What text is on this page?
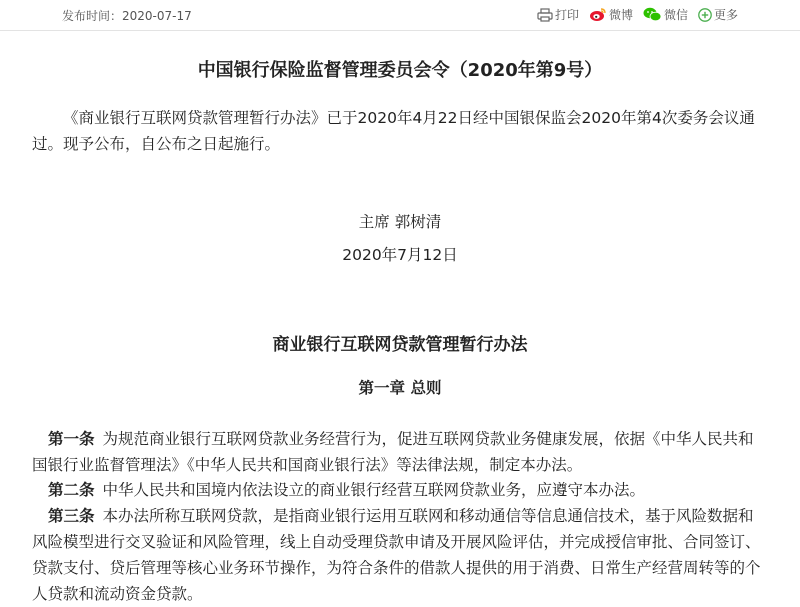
发布时间：2020-07-17	打印	微博	微信 更多
中国银行保险监督管理委员会令（2020年第9号）

《商业银行互联网贷款管理暂行办法》已于2020年4月22日经中国银保监会2020年第4次委务会议通过。现予公布，自公布之日起施行。

主席 郭树清

2020年7月12日

商业银行互联网贷款管理暂行办法
第一章 总则

第一条 为规范商业银行互联网贷款业务经营行为，促进互联网贷款业务健康发展，依据《中华人民共和国银行业监督管理法》《中华人民共和国商业银行法》等法律法规，制定本办法。

第二条 中华人民共和国境内依法设立的商业银行经营互联网贷款业务，应遵守本办法。

第三条 本办法所称互联网贷款，是指商业银行运用互联网和移动通信等信息通信技术，基于风险数据和风险模型进行交叉验证和风险管理，线上自动受理贷款申请及开展风险评估，并完成授信审批、合同签订、贷款支付、贷后管理等核心业务环节操作，为符合条件的借款人提供的用于消费、日常生产经营周转等的个人贷款和流动资金贷款。
